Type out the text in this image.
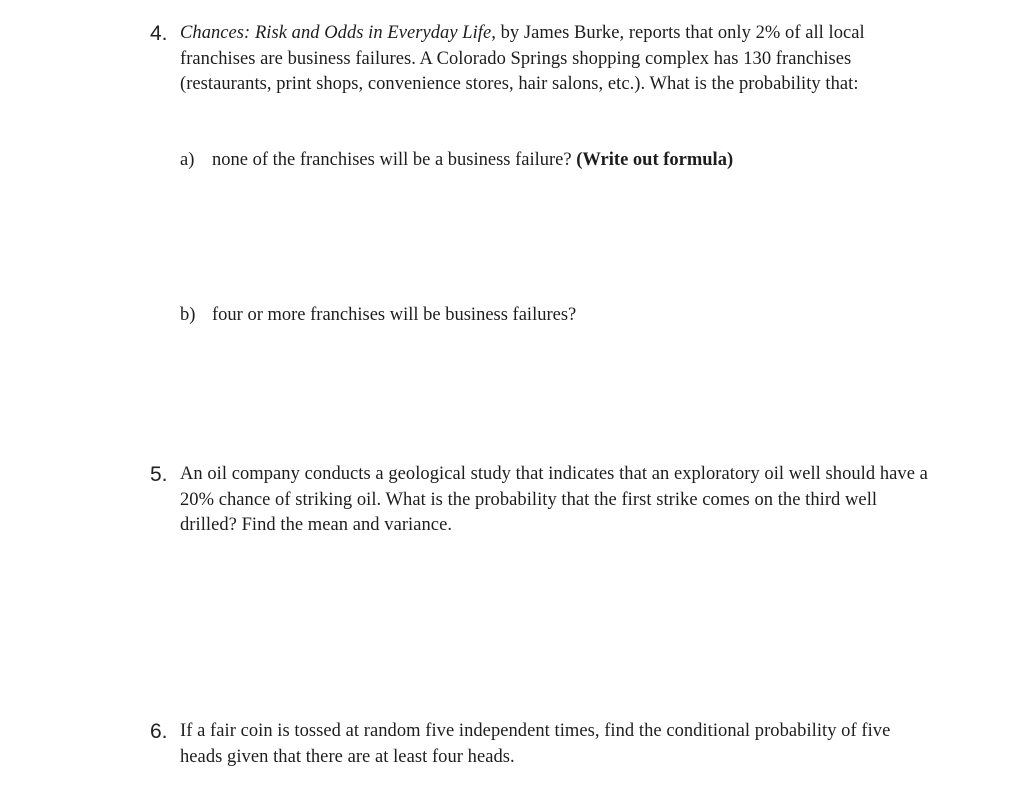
4. Chances: Risk and Odds in Everyday Life, by James Burke, reports that only 2% of all local franchises are business failures. A Colorado Springs shopping complex has 130 franchises (restaurants, print shops, convenience stores, hair salons, etc.). What is the probability that:
a) none of the franchises will be a business failure? (Write out formula)
b) four or more franchises will be business failures?
5. An oil company conducts a geological study that indicates that an exploratory oil well should have a 20% chance of striking oil. What is the probability that the first strike comes on the third well drilled? Find the mean and variance.
6. If a fair coin is tossed at random five independent times, find the conditional probability of five heads given that there are at least four heads.
